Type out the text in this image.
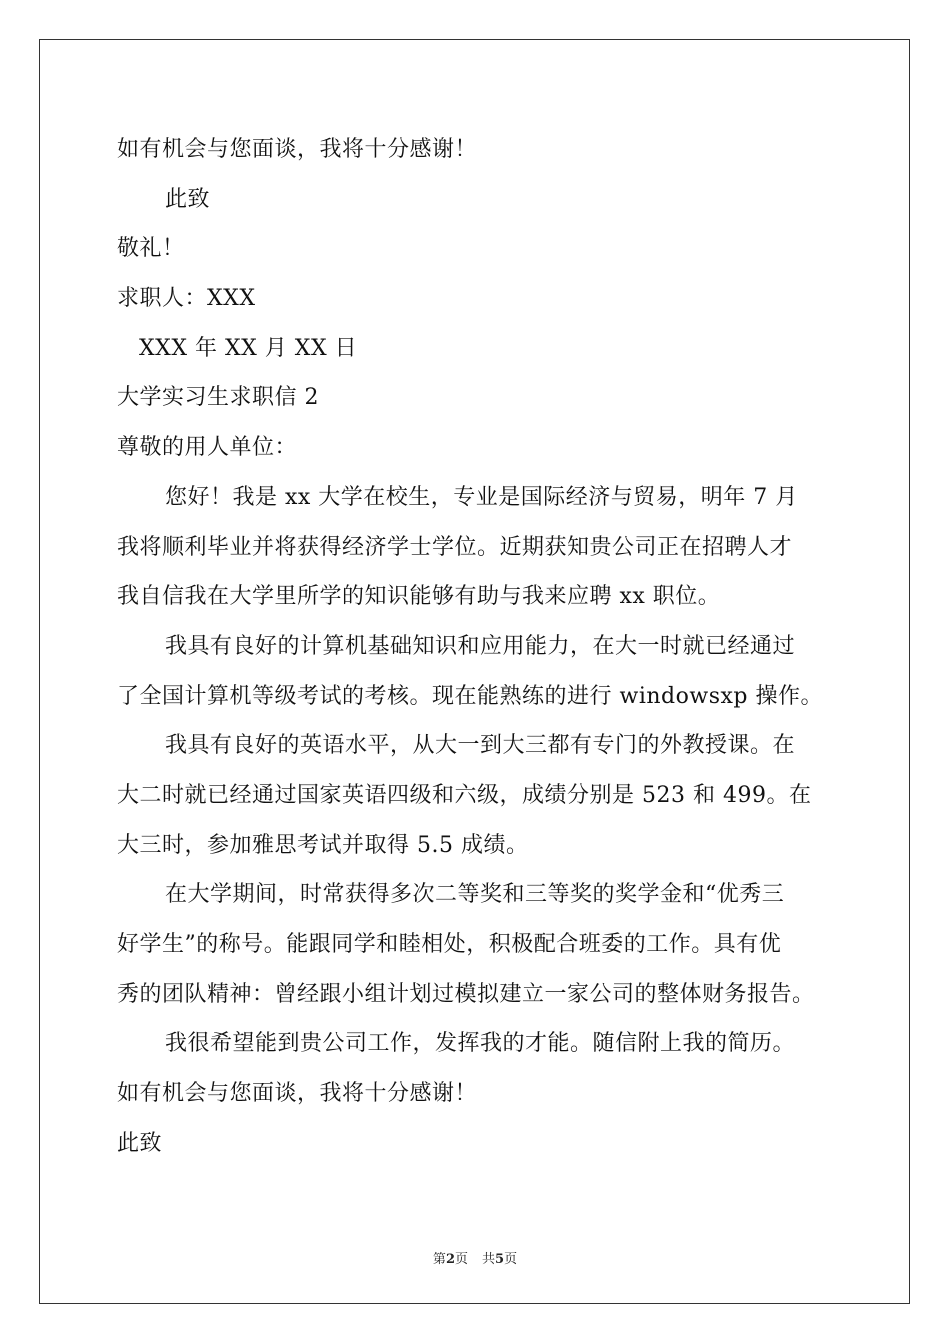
如有机会与您面谈，我将十分感谢！
此致
敬礼！
求职人：XXX
XXX 年 XX 月 XX 日
大学实习生求职信 2
尊敬的用人单位：
您好！我是 xx 大学在校生，专业是国际经济与贸易，明年 7 月
我将顺利毕业并将获得经济学士学位。近期获知贵公司正在招聘人才
我自信我在大学里所学的知识能够有助与我来应聘 xx 职位。
我具有良好的计算机基础知识和应用能力，在大一时就已经通过
了全国计算机等级考试的考核。现在能熟练的进行 windowsxp 操作。
我具有良好的英语水平，从大一到大三都有专门的外教授课。在
大二时就已经通过国家英语四级和六级，成绩分别是 523 和 499。在
大三时，参加雅思考试并取得 5.5 成绩。
在大学期间，时常获得多次二等奖和三等奖的奖学金和“优秀三
好学生”的称号。能跟同学和睦相处，积极配合班委的工作。具有优
秀的团队精神：曾经跟小组计划过模拟建立一家公司的整体财务报告。
我很希望能到贵公司工作，发挥我的才能。随信附上我的简历。
如有机会与您面谈，我将十分感谢！
此致
第2页 共5页
